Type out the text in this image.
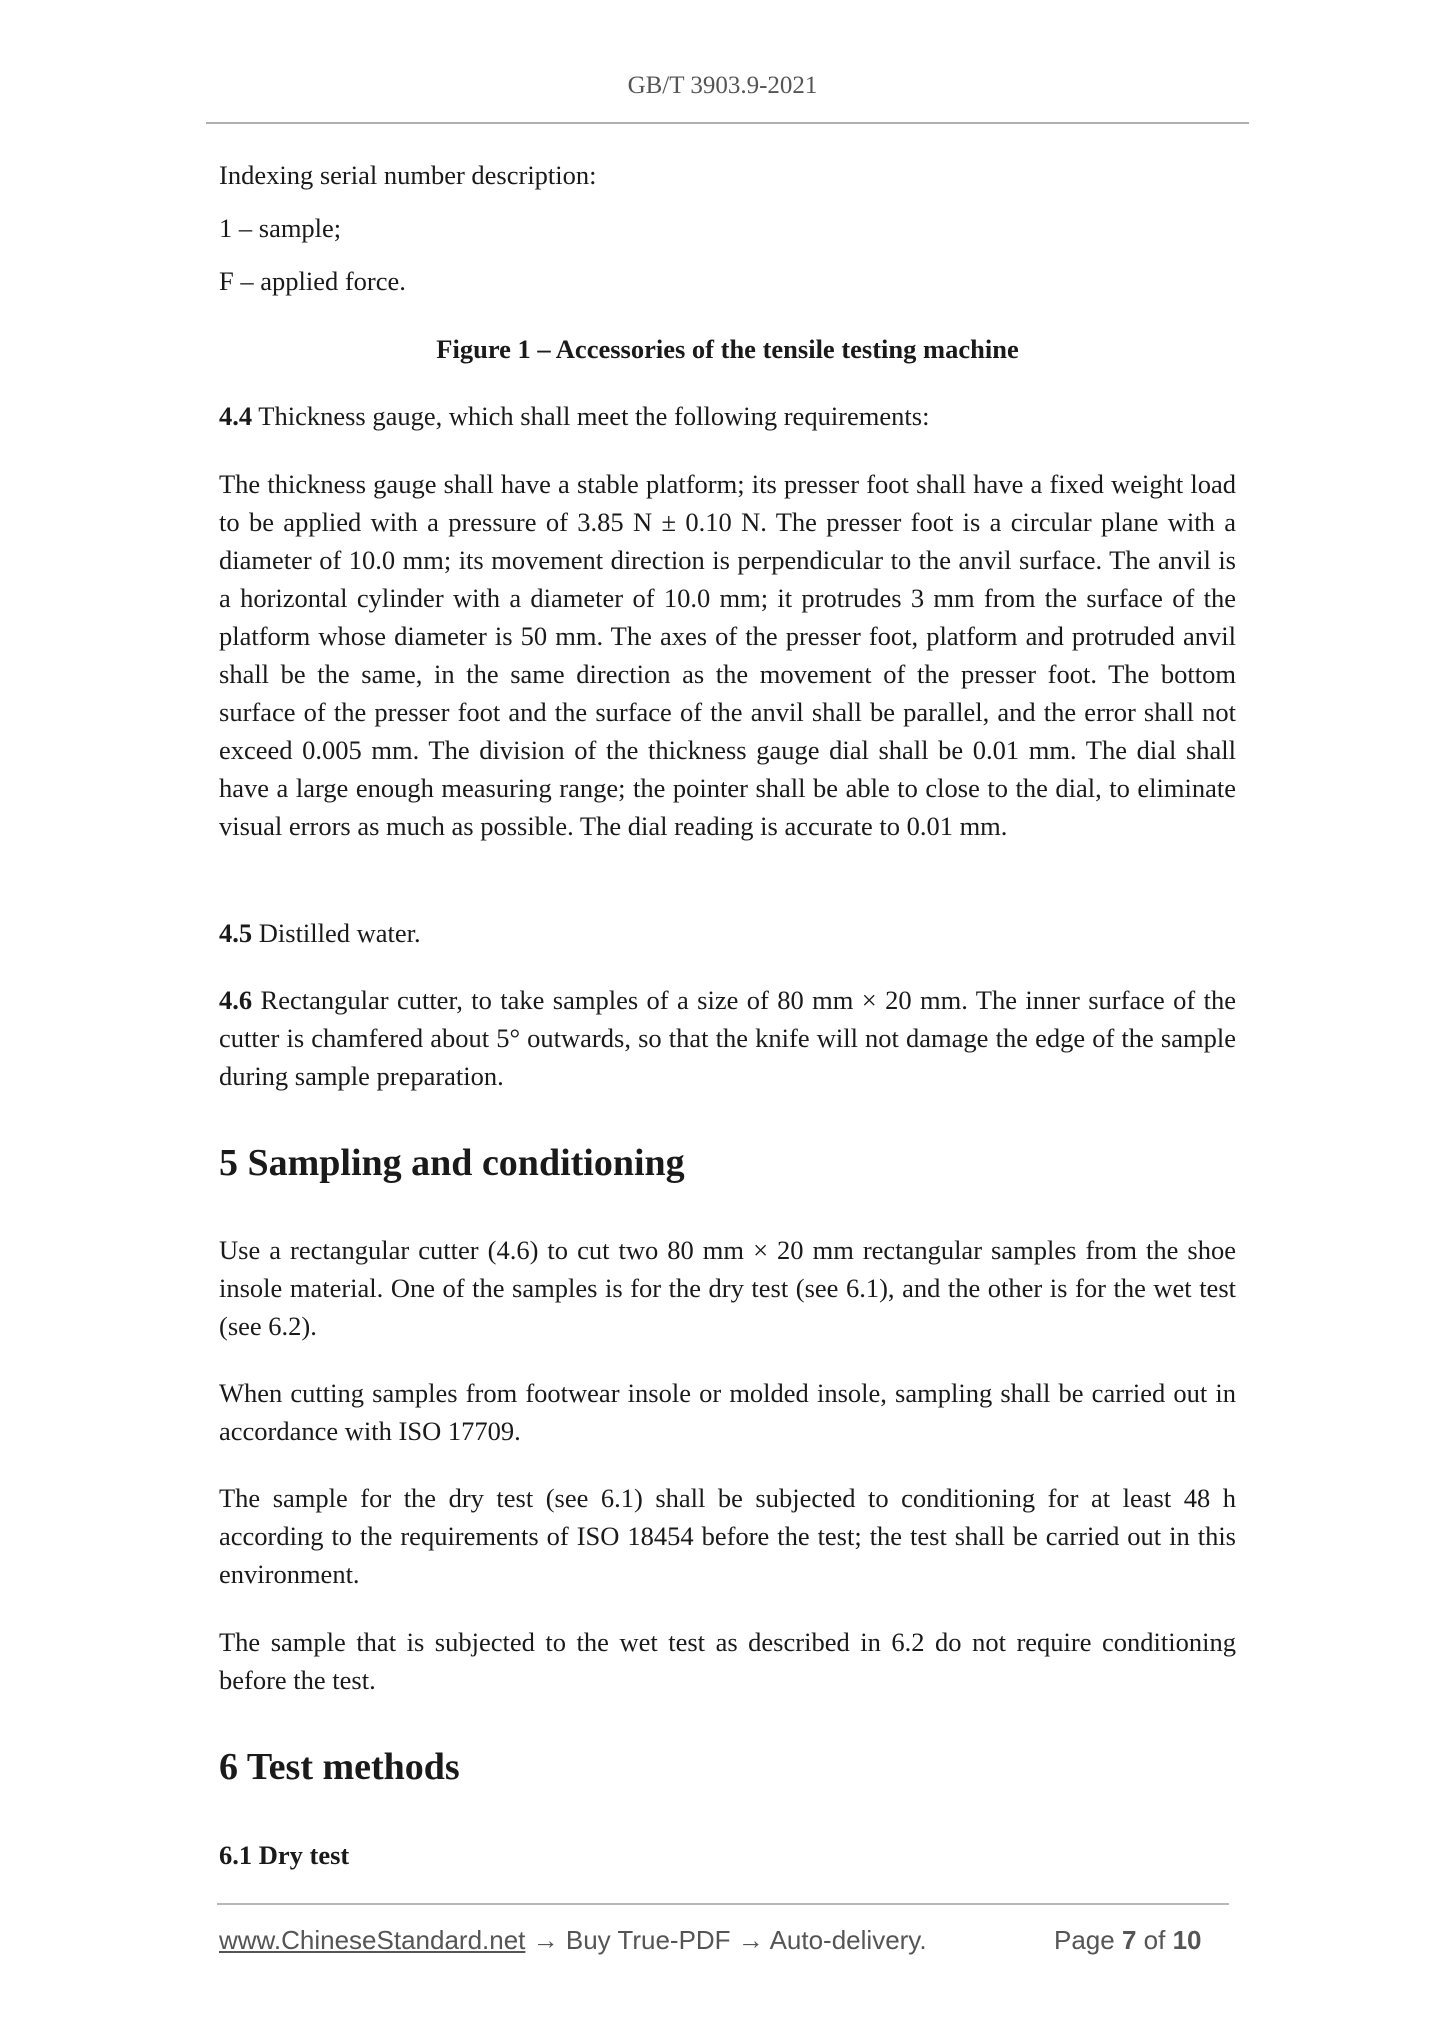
GB/T 3903.9-2021
Indexing serial number description:
1 – sample;
F – applied force.
Figure 1 – Accessories of the tensile testing machine
4.4 Thickness gauge, which shall meet the following requirements:
The thickness gauge shall have a stable platform; its presser foot shall have a fixed weight load to be applied with a pressure of 3.85 N ± 0.10 N. The presser foot is a circular plane with a diameter of 10.0 mm; its movement direction is perpendicular to the anvil surface. The anvil is a horizontal cylinder with a diameter of 10.0 mm; it protrudes 3 mm from the surface of the platform whose diameter is 50 mm. The axes of the presser foot, platform and protruded anvil shall be the same, in the same direction as the movement of the presser foot. The bottom surface of the presser foot and the surface of the anvil shall be parallel, and the error shall not exceed 0.005 mm. The division of the thickness gauge dial shall be 0.01 mm. The dial shall have a large enough measuring range; the pointer shall be able to close to the dial, to eliminate visual errors as much as possible. The dial reading is accurate to 0.01 mm.
4.5 Distilled water.
4.6 Rectangular cutter, to take samples of a size of 80 mm × 20 mm. The inner surface of the cutter is chamfered about 5° outwards, so that the knife will not damage the edge of the sample during sample preparation.
5 Sampling and conditioning
Use a rectangular cutter (4.6) to cut two 80 mm × 20 mm rectangular samples from the shoe insole material. One of the samples is for the dry test (see 6.1), and the other is for the wet test (see 6.2).
When cutting samples from footwear insole or molded insole, sampling shall be carried out in accordance with ISO 17709.
The sample for the dry test (see 6.1) shall be subjected to conditioning for at least 48 h according to the requirements of ISO 18454 before the test; the test shall be carried out in this environment.
The sample that is subjected to the wet test as described in 6.2 do not require conditioning before the test.
6 Test methods
6.1 Dry test
www.ChineseStandard.net → Buy True-PDF → Auto-delivery.	Page 7 of 10
